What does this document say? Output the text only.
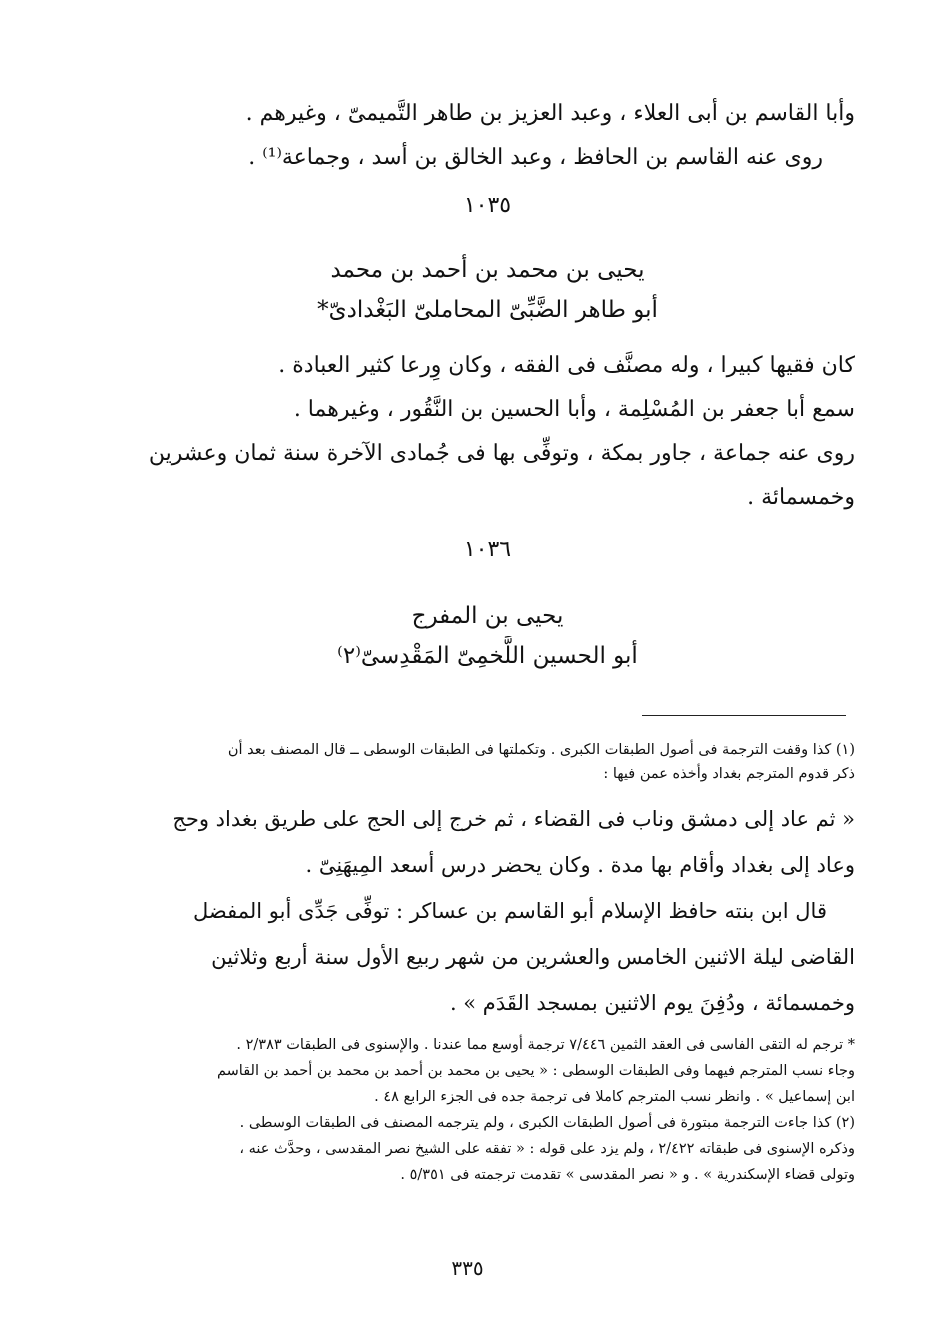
وأبا القاسم بن أبى العلاء ، وعبد العزيز بن طاهر التَّميمىّ ، وغيرهم .
روى عنه القاسم بن الحافظ ، وعبد الخالق بن أسد ، وجماعة⁽¹⁾ .
١٠٣٥
يحيى بن محمد بن أحمد بن محمد
أبو طاهر الضَّبِّىّ المحاملىّ البَغْدادىّ*
كان فقيها كبيرا ، وله مصنَّف فى الفقه ، وكان وِرعا كثير العبادة .
سمع أبا جعفر بن المُسْلِمة ، وأبا الحسين بن النَّقُور ، وغيرهما .
روى عنه جماعة ، جاور بمكة ، وتوفِّى بها فى جُمادى الآخرة سنة ثمان وعشرين
وخمسمائة .
١٠٣٦
يحيى بن المفرج
أبو الحسين اللَّخمِىّ المَقْدِسىّ⁽٢⁾
(١) كذا وقفت الترجمة فى أصول الطبقات الكبرى . وتكملتها فى الطبقات الوسطى ــ قال المصنف بعد أن
ذكر قدوم المترجم بغداد وأخذه عمن فيها :
« ثم عاد إلى دمشق وناب فى القضاء ، ثم خرج إلى الحج على طريق بغداد وحج
وعاد إلى بغداد وأقام بها مدة . وكان يحضر درس أسعد المِيهَنِىّ .
قال ابن بنته حافظ الإسلام أبو القاسم بن عساكر : توفِّى جَدِّى أبو المفضل
القاضى ليلة الاثنين الخامس والعشرين من شهر ربيع الأول سنة أربع وثلاثين
وخمسمائة ، ودُفِنَ يوم الاثنين بمسجد القَدَم » .
* ترجم له التقى الفاسى فى العقد الثمين ٧/٤٤٦ ترجمة أوسع مما عندنا . والإسنوى فى الطبقات ٢/٣٨٣ .
وجاء نسب المترجم فيهما وفى الطبقات الوسطى : « يحيى بن محمد بن أحمد بن محمد بن أحمد بن القاسم
ابن إسماعيل » . وانظر نسب المترجم كاملا فى ترجمة جده فى الجزء الرابع ٤٨ .
(٢) كذا جاءت الترجمة مبتورة فى أصول الطبقات الكبرى ، ولم يترجمه المصنف فى الطبقات الوسطى .
وذكره الإسنوى فى طبقاته ٢/٤٢٢ ، ولم يزد على قوله : « تفقه على الشيخ نصر المقدسى ، وحدَّث عنه ،
وتولى قضاء الإسكندرية » . و « نصر المقدسى » تقدمت ترجمته فى ٥/٣٥١ .
٣٣٥
